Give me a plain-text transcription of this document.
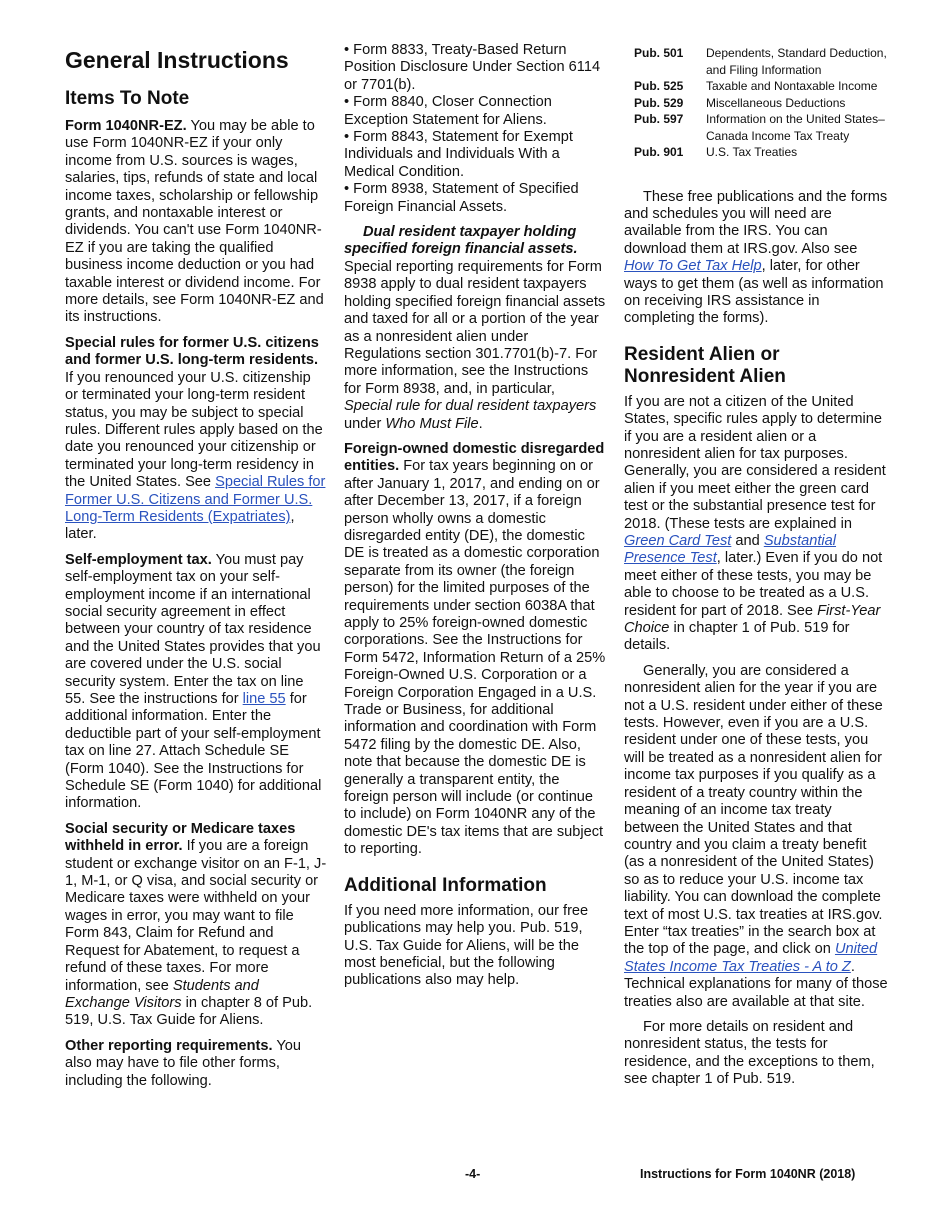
General Instructions
Items To Note

Form 1040NR-EZ. You may be able to use Form 1040NR-EZ if your only income from U.S. sources is wages, salaries, tips, refunds of state and local income taxes, scholarship or fellowship grants, and nontaxable interest or dividends. You can't use Form 1040NR-EZ if you are taking the qualified business income deduction or you had taxable interest or dividend income. For more details, see Form 1040NR-EZ and its instructions.

Special rules for former U.S. citizens and former U.S. long-term residents. If you renounced your U.S. citizenship or terminated your long-term resident status, you may be subject to special rules. Different rules apply based on the date you renounced your citizenship or terminated your long-term residency in the United States. See Special Rules for Former U.S. Citizens and Former U.S. Long-Term Residents (Expatriates), later.

Self-employment tax. You must pay self-employment tax on your self-employment income if an international social security agreement in effect between your country of tax residence and the United States provides that you are covered under the U.S. social security system. Enter the tax on line 55. See the instructions for line 55 for additional information. Enter the deductible part of your self-employment tax on line 27. Attach Schedule SE (Form 1040). See the Instructions for Schedule SE (Form 1040) for additional information.

Social security or Medicare taxes withheld in error. If you are a foreign student or exchange visitor on an F-1, J-1, M-1, or Q visa, and social security or Medicare taxes were withheld on your wages in error, you may want to file Form 843, Claim for Refund and Request for Abatement, to request a refund of these taxes. For more information, see Students and Exchange Visitors in chapter 8 of Pub. 519, U.S. Tax Guide for Aliens.

Other reporting requirements. You also may have to file other forms, including the following.

• Form 8833, Treaty-Based Return Position Disclosure Under Section 6114 or 7701(b).

• Form 8840, Closer Connection Exception Statement for Aliens.

• Form 8843, Statement for Exempt Individuals and Individuals With a Medical Condition.

• Form 8938, Statement of Specified Foreign Financial Assets.

Dual resident taxpayer holding specified foreign financial assets. Special reporting requirements for Form 8938 apply to dual resident taxpayers holding specified foreign financial assets and taxed for all or a portion of the year as a nonresident alien under Regulations section 301.7701(b)-7. For more information, see the Instructions for Form 8938, and, in particular, Special rule for dual resident taxpayers under Who Must File.

Foreign-owned domestic disregarded entities. For tax years beginning on or after January 1, 2017, and ending on or after December 13, 2017, if a foreign person wholly owns a domestic disregarded entity (DE), the domestic DE is treated as a domestic corporation separate from its owner (the foreign person) for the limited purposes of the requirements under section 6038A that apply to 25% foreign-owned domestic corporations. See the Instructions for Form 5472, Information Return of a 25% Foreign-Owned U.S. Corporation or a Foreign Corporation Engaged in a U.S. Trade or Business, for additional information and coordination with Form 5472 filing by the domestic DE. Also, note that because the domestic DE is generally a transparent entity, the foreign person will include (or continue to include) on Form 1040NR any of the domestic DE's tax items that are subject to reporting.

Additional Information

If you need more information, our free publications may help you. Pub. 519, U.S. Tax Guide for Aliens, will be the most beneficial, but the following publications also may help.

Pub. 501	Dependents, Standard Deduction, and Filing Information
Pub. 525	Taxable and Nontaxable Income
Pub. 529	Miscellaneous Deductions
Pub. 597	Information on the United States–Canada Income Tax Treaty
Pub. 901	U.S. Tax Treaties

These free publications and the forms and schedules you will need are available from the IRS. You can download them at IRS.gov. Also see How To Get Tax Help, later, for other ways to get them (as well as information on receiving IRS assistance in completing the forms).

Resident Alien or Nonresident Alien

If you are not a citizen of the United States, specific rules apply to determine if you are a resident alien or a nonresident alien for tax purposes. Generally, you are considered a resident alien if you meet either the green card test or the substantial presence test for 2018. (These tests are explained in Green Card Test and Substantial Presence Test, later.) Even if you do not meet either of these tests, you may be able to choose to be treated as a U.S. resident for part of 2018. See First-Year Choice in chapter 1 of Pub. 519 for details.

Generally, you are considered a nonresident alien for the year if you are not a U.S. resident under either of these tests. However, even if you are a U.S. resident under one of these tests, you will be treated as a nonresident alien for income tax purposes if you qualify as a resident of a treaty country within the meaning of an income tax treaty between the United States and that country and you claim a treaty benefit (as a nonresident of the United States) so as to reduce your U.S. income tax liability. You can download the complete text of most U.S. tax treaties at IRS.gov. Enter “tax treaties” in the search box at the top of the page, and click on United States Income Tax Treaties - A to Z. Technical explanations for many of those treaties also are available at that site.

For more details on resident and nonresident status, the tests for residence, and the exceptions to them, see chapter 1 of Pub. 519.

-4-	Instructions for Form 1040NR (2018)
